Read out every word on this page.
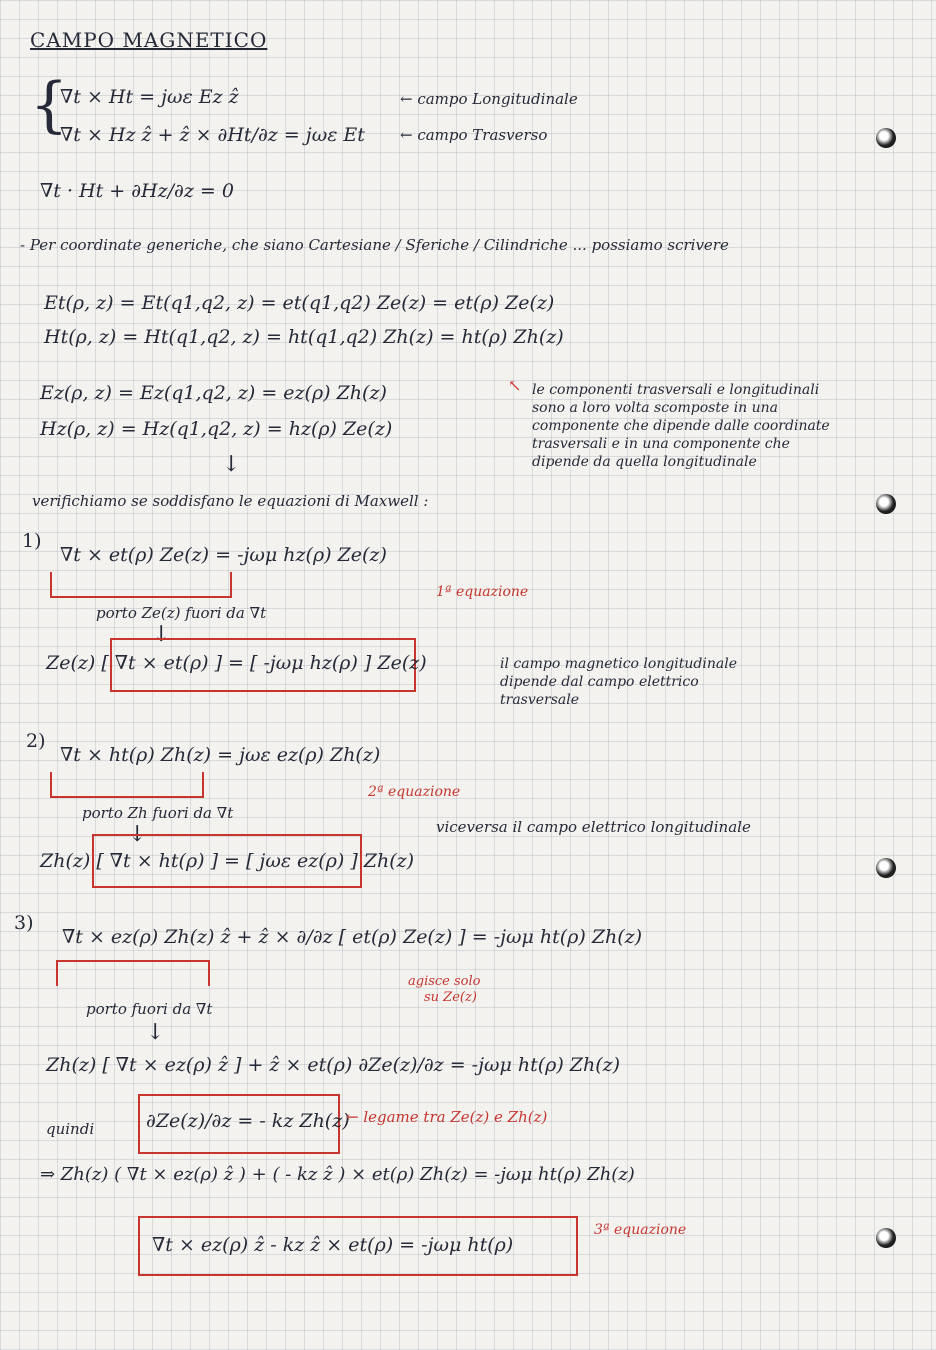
CAMPO MAGNETICO
{
∇t × Ht = jωε Ez ẑ
∇t × Hz ẑ + ẑ × ∂Ht/∂z = jωε Et
← campo Longitudinale
← campo Trasverso
∇t · Ht + ∂Hz/∂z = 0
- Per coordinate generiche, che siano Cartesiane / Sferiche / Cilindriche ... possiamo scrivere
Et(ρ, z) = Et(q1,q2, z) = et(q1,q2) Ze(z) = et(ρ) Ze(z)
Ht(ρ, z) = Ht(q1,q2, z) = ht(q1,q2) Zh(z) = ht(ρ) Zh(z)
Ez(ρ, z) = Ez(q1,q2, z) = ez(ρ) Zh(z)
Hz(ρ, z) = Hz(q1,q2, z) = hz(ρ) Ze(z)
↖ le componenti trasversali e longitudinali
sono a loro volta scomposte in una
componente che dipende dalle coordinate
trasversali e in una componente che
dipende da quella longitudinale
↓
verifichiamo se soddisfano le equazioni di Maxwell :
1)
∇t × et(ρ) Ze(z) = -jωμ hz(ρ) Ze(z)
porto Ze(z) fuori da ∇t
↓
1ª equazione
Ze(z) [ ∇t × et(ρ) ] = [ -jωμ hz(ρ) ] Ze(z)	il campo magnetico longitudinale
dipende dal campo elettrico
trasversale
2)
∇t × ht(ρ) Zh(z) = jωε ez(ρ) Zh(z)
porto Zh fuori da ∇t
↓
2ª equazione
Zh(z) [ ∇t × ht(ρ) ] = [ jωε ez(ρ) ] Zh(z)
viceversa il campo elettrico longitudinale
3)
∇t × ez(ρ) Zh(z) ẑ + ẑ × ∂/∂z [ et(ρ) Ze(z) ] = -jωμ ht(ρ) Zh(z)
agisce solo
su Ze(z)
porto fuori da ∇t
↓
Zh(z) [ ∇t × ez(ρ) ẑ ] + ẑ × et(ρ) ∂Ze(z)/∂z = -jωμ ht(ρ) Zh(z)
quindi	∂Ze(z)/∂z = - kz Zh(z)
← legame tra Ze(z) e Zh(z)
⇒ Zh(z) ( ∇t × ez(ρ) ẑ ) + ( - kz ẑ ) × et(ρ) Zh(z) = -jωμ ht(ρ) Zh(z)
∇t × ez(ρ) ẑ - kz ẑ × et(ρ) = -jωμ ht(ρ)
3ª equazione
